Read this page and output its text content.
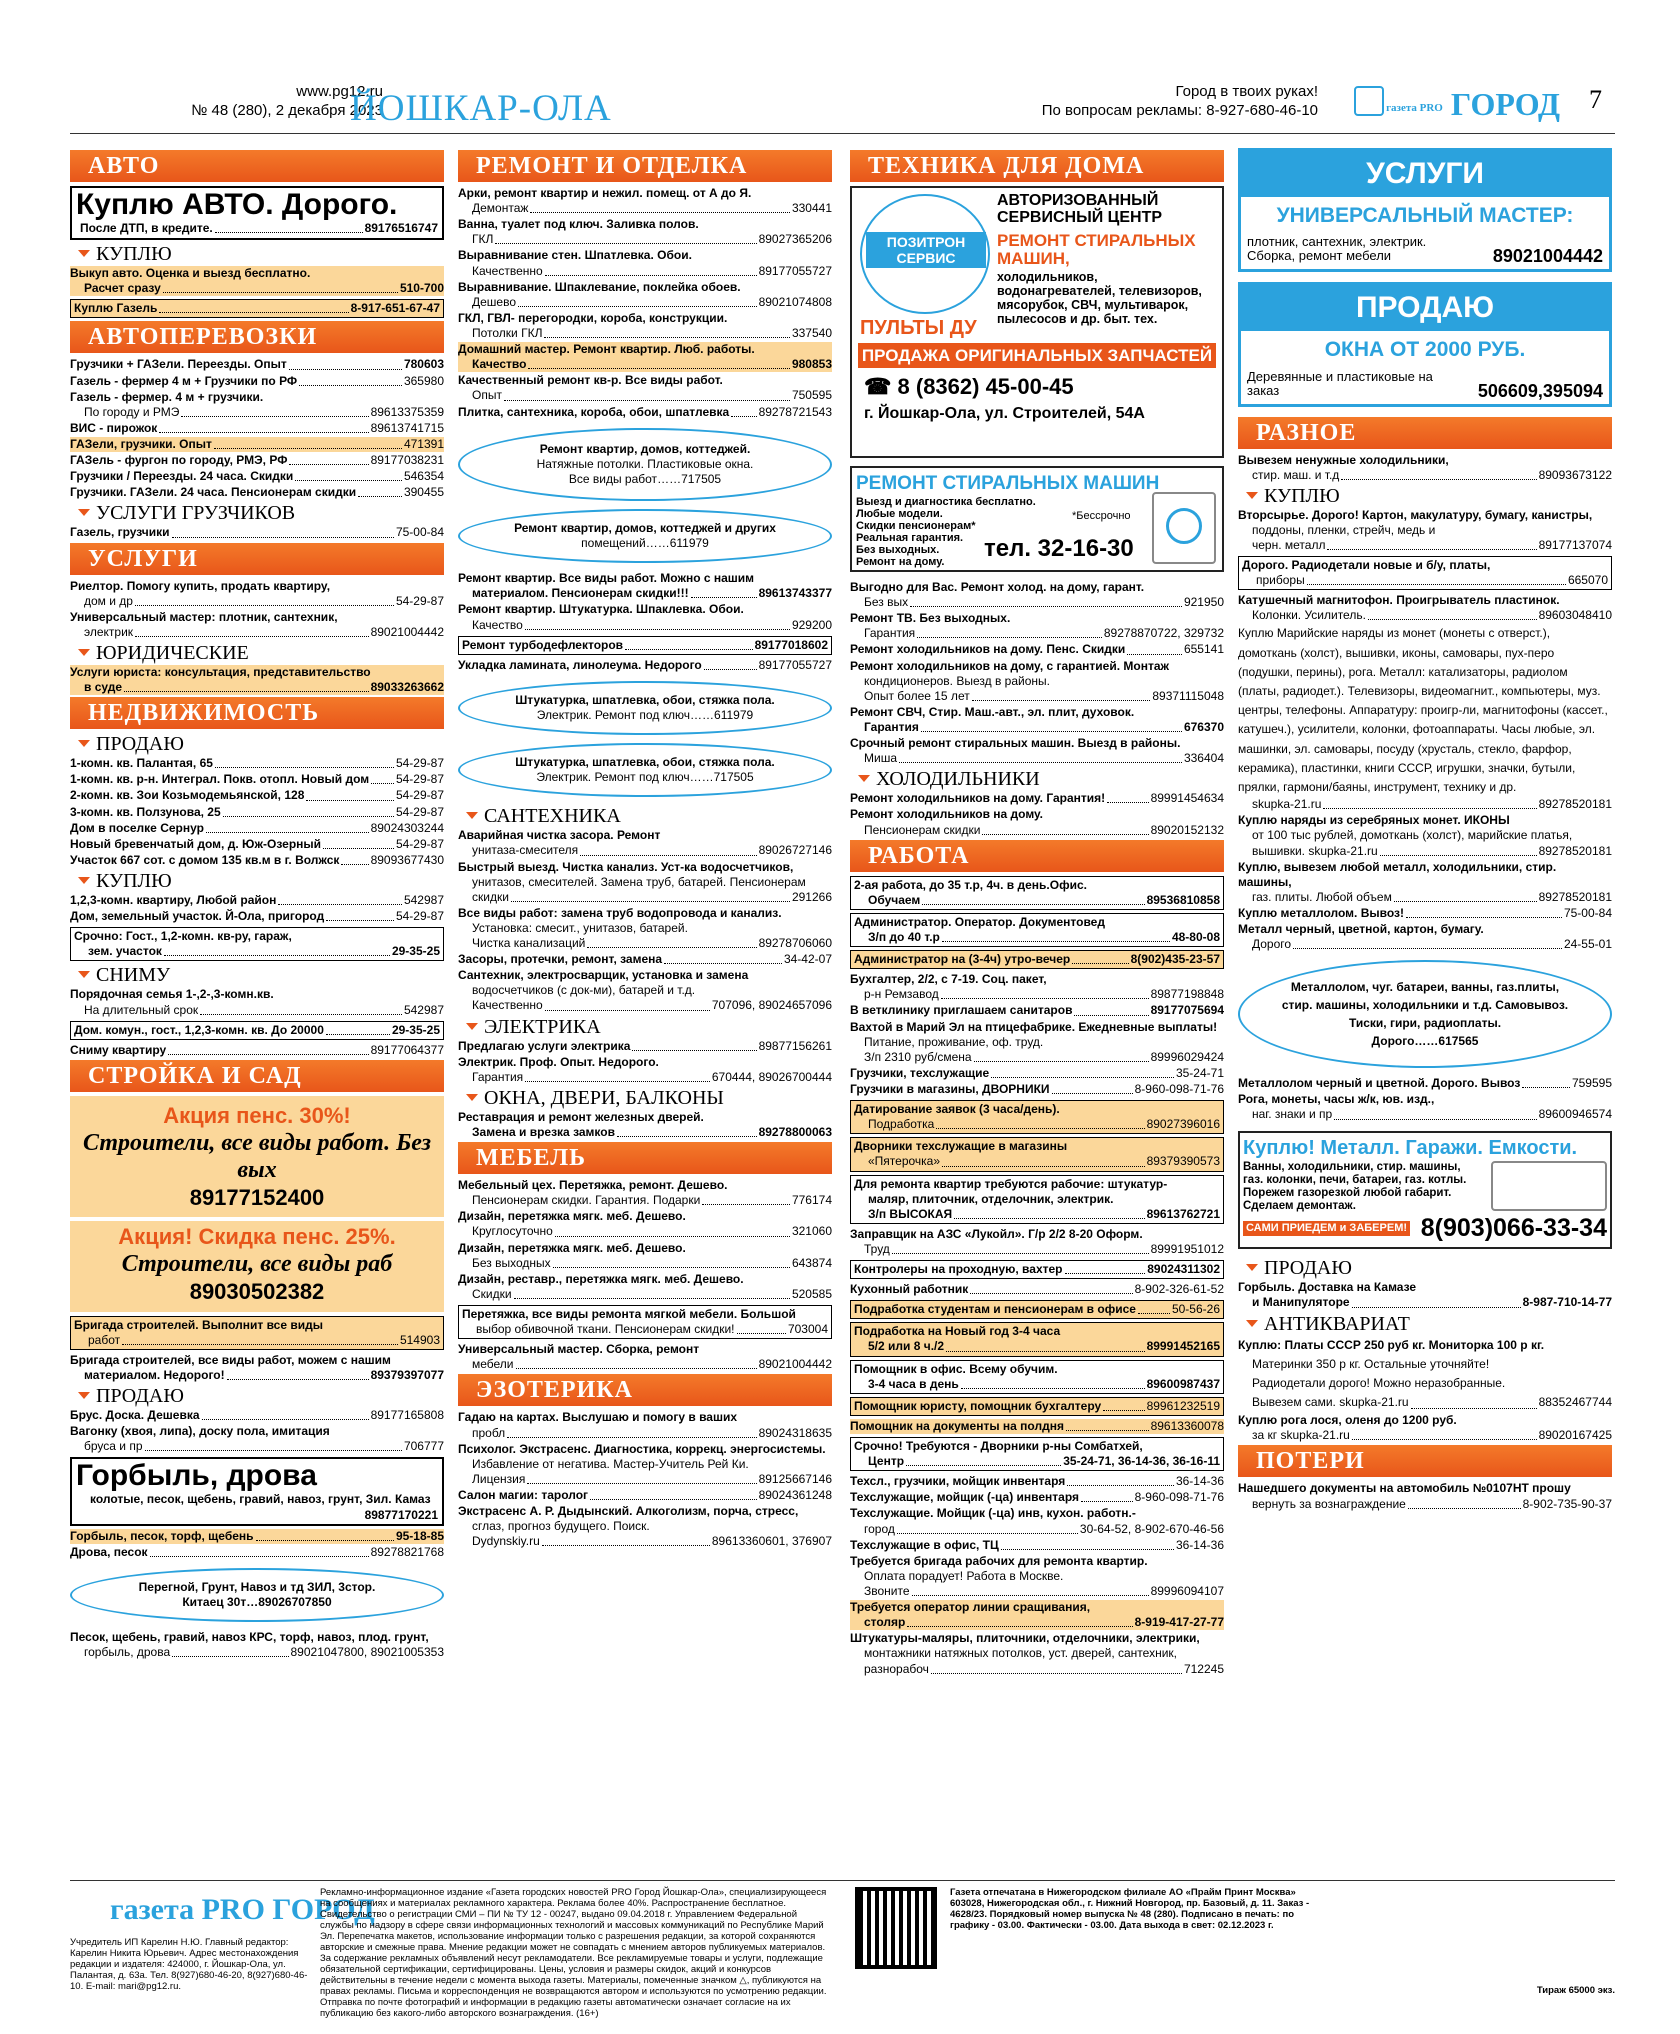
www.pg12.ru
№ 48 (280), 2 декабря 2023
ЙОШКАР-ОЛА	Город в твоих руках!
По вопросам рекламы: 8-927-680-46-10	газета PRO ГОРОД 7
АВТО
Куплю АВТО. Дорого.
После ДТП, в кредите.	89176516747
КУПЛЮ
Выкуп авто. Оценка и выезд бесплатно.
Расчет сразу	510-700
Куплю Газель	8-917-651-67-47
АВТОПЕРЕВОЗКИ
Грузчики + ГАЗели. Переезды. Опыт	780603
Газель - фермер 4 м + Грузчики по РФ	365980
Газель - фермер. 4 м + грузчики.
По городу и РМЭ	89613375359
ВИС - пирожок	89613741715
ГАЗели, грузчики. Опыт	471391
ГАЗель - фургон по городу, РМЭ, РФ	89177038231
Грузчики / Переезды. 24 часа. Скидки	546354
Грузчики. ГАЗели. 24 часа. Пенсионерам скидки	390455
УСЛУГИ ГРУЗЧИКОВ
Газель, грузчики	75-00-84
УСЛУГИ
Риелтор. Помогу купить, продать квартиру,
дом и др	54-29-87
Универсальный мастер: плотник, сантехник,
электрик	89021004442
ЮРИДИЧЕСКИЕ
Услуги юриста: консультация, представительство
в суде	89033263662
НЕДВИЖИМОСТЬ
ПРОДАЮ
1-комн. кв. Палантая, 65	54-29-87
1-комн. кв. р-н. Интеграл. Покв. отопл. Новый дом 54-29-87
2-комн. кв. Зои Козьмодемьянской, 128	54-29-87
3-комн. кв. Ползунова, 25	54-29-87
Дом в поселке Сернур	89024303244
Новый бревенчатый дом, д. Юж-Озерный	54-29-87
Участок 667 сот. с домом 135 кв.м в г. Волжск	89093677430
КУПЛЮ
1,2,3-комн. квартиру, Любой район	542987
Дом, земельный участок. Й-Ола, пригород	54-29-87
Срочно: Гост., 1,2-комн. кв-ру, гараж,
зем. участок	29-35-25
СНИМУ
Порядочная семья 1-,2-,3-комн.кв.
На длительный срок	542987
Дом. комун., гост., 1,2,3-комн. кв. До 20000	29-35-25
Сниму квартиру	89177064377
СТРОЙКА И САД
Акция пенс. 30%!
Строители, все виды работ. Без вых
89177152400
Акция! Скидка пенс. 25%.
Строители, все виды раб
89030502382
Бригада строителей. Выполнит все виды
работ	514903
Бригада строителей, все виды работ, можем с нашим
материалом. Недорого!	89379397077
ПРОДАЮ
Брус. Доска. Дешевка	89177165808
Вагонку (хвоя, липа), доску пола, имитация
бруса и пр	706777
Горбыль, дрова
колотые, песок, щебень, гравий, навоз, грунт, Зил. Камаз
89877170221
Горбыль, песок, торф, щебень	95-18-85
Дрова, песок	89278821768
Перегной, Грунт, Навоз и тд ЗИЛ, 3стор.
Китаец 30т…89026707850
Песок, щебень, гравий, навоз КРС, торф, навоз, плод. грунт,
горбыль, дрова	89021047800, 89021005353
РЕМОНТ И ОТДЕЛКА
Арки, ремонт квартир и нежил. помещ. от А до Я.
Демонтаж	330441
Ванна, туалет под ключ. Заливка полов.
ГКЛ	89027365206
Выравнивание стен. Шпатлевка. Обои.
Качественно	89177055727
Выравнивание. Шпаклевание, поклейка обоев.
Дешево	89021074808
ГКЛ, ГВЛ- перегородки, короба, конструкции.
Потолки ГКЛ	337540
Домашний мастер. Ремонт квартир. Люб. работы.
Качество	980853
Качественный ремонт кв-р. Все виды работ.
Опыт	750595
Плитка, сантехника, короба, обои, шпатлевка 89278721543
Ремонт квартир, домов, коттеджей.
Натяжные потолки. Пластиковые окна.
Все виды работ……717505
Ремонт квартир, домов, коттеджей и других
помещений……611979
Ремонт квартир. Все виды работ. Можно с нашим
материалом. Пенсионерам скидки!!!	89613743377
Ремонт квартир. Штукатурка. Шпаклевка. Обои.
Качество	929200
Ремонт турбодефлекторов	89177018602
Укладка ламината, линолеума. Недорого	89177055727
Штукатурка, шпатлевка, обои, стяжка пола.
Электрик. Ремонт под ключ……611979
Штукатурка, шпатлевка, обои, стяжка пола.
Электрик. Ремонт под ключ……717505
САНТЕХНИКА
Аварийная чистка засора. Ремонт
унитаза-смесителя	89026727146
Быстрый выезд. Чистка канализ. Уст-ка водосчетчиков,
унитазов, смесителей. Замена труб, батарей. Пенсионерам
скидки	291266
Все виды работ: замена труб водопровода и канализ.
Установка: смесит., унитазов, батарей.
Чистка канализаций	89278706060
Засоры, протечки, ремонт, замена	34-42-07
Сантехник, электросварщик, установка и замена
водосчетчиков (с док-ми), батарей и т.д.
Качественно	707096, 89024657096
ЭЛЕКТРИКА
Предлагаю услуги электрика	89877156261
Электрик. Проф. Опыт. Недорого.
Гарантия	670444, 89026700444
ОКНА, ДВЕРИ, БАЛКОНЫ
Реставрация и ремонт железных дверей.
Замена и врезка замков	89278800063
МЕБЕЛЬ
Мебельный цех. Перетяжка, ремонт. Дешево.
Пенсионерам скидки. Гарантия. Подарки	776174
Дизайн, перетяжка мягк. меб. Дешево.
Круглосуточно	321060
Дизайн, перетяжка мягк. меб. Дешево.
Без выходных	643874
Дизайн, реставр., перетяжка мягк. меб. Дешево.
Скидки	520585
Перетяжка, все виды ремонта мягкой мебели. Большой
выбор обивочной ткани. Пенсионерам скидки!	703004
Универсальный мастер. Сборка, ремонт
мебели	89021004442
ЭЗОТЕРИКА
Гадаю на картах. Выслушаю и помогу в ваших
пробл	89024318635
Психолог. Экстрасенс. Диагностика, коррекц. энергосистемы.
Избавление от негатива. Мастер-Учитель Рей Ки.
Лицензия	89125667146
Салон магии: таролог	89024361248
Экстрасенс А. Р. Дыдынский. Алкоголизм, порча, стресс,
сглаз, прогноз будущего. Поиск.
Dydynskiy.ru	89613360601, 376907
ТЕХНИКА ДЛЯ ДОМА
ПОЗИТРОН
СЕРВИС
АВТОРИЗОВАННЫЙ СЕРВИСНЫЙ ЦЕНТР
РЕМОНТ СТИРАЛЬНЫХ МАШИН,
холодильников, водонагревателей, телевизоров, мясорубок, СВЧ, мультиварок, пылесосов и др. быт. тех.
ПУЛЬТЫ ДУ
ПРОДАЖА ОРИГИНАЛЬНЫХ ЗАПЧАСТЕЙ
☎ 8 (8362) 45-00-45
г. Йошкар-Ола, ул. Строителей, 54А
РЕМОНТ СТИРАЛЬНЫХ МАШИН
Выезд и диагностика бесплатно.
Любые модели.
Скидки пенсионерам*
Реальная гарантия.
Без выходных.
Ремонт на дому.
*Бессрочно
тел. 32-16-30
Выгодно для Вас. Ремонт холод. на дому, гарант.
Без вых	921950
Ремонт ТВ. Без выходных.
Гарантия	89278870722, 329732
Ремонт холодильников на дому. Пенс. Скидки	655141
Ремонт холодильников на дому, с гарантией. Монтаж
кондиционеров. Выезд в районы.
Опыт более 15 лет	89371115048
Ремонт СВЧ, Стир. Маш.-авт., эл. плит, духовок.
Гарантия	676370
Срочный ремонт стиральных машин. Выезд в районы.
Миша	336404
ХОЛОДИЛЬНИКИ
Ремонт холодильников на дому. Гарантия!	89991454634
Ремонт холодильников на дому.
Пенсионерам скидки	89020152132
РАБОТА
2-ая работа, до 35 т.р, 4ч. в день.Офис.
Обучаем	89536810858
Администратор. Оператор. Документовед
З/п до 40 т.р	48-80-08
Администратор на (3-4ч) утро-вечер	8(902)435-23-57
Бухгалтер, 2/2, с 7-19. Соц. пакет,
р-н Ремзавод	89877198848
В ветклинику приглашаем санитаров	89177075694
Вахтой в Марий Эл на птицефабрике. Ежедневные выплаты!
Питание, проживание, оф. труд.
З/п 2310 руб/смена	89996029424
Грузчики, техслужащие	35-24-71
Грузчики в магазины, ДВОРНИКИ	8-960-098-71-76
Датирование заявок (3 часа/день).
Подработка	89027396016
Дворники техслужащие в магазины
«Пятерочка»	89379390573
Для ремонта квартир требуются рабочие: штукатур-
маляр, плиточник, отделочник, электрик.
З/п ВЫСОКАЯ	89613762721
Заправщик на АЗС «Лукойл». Г/р 2/2 8-20 Оформ.
Труд	89991951012
Контролеры на проходную, вахтер	89024311302
Кухонный работник	8-902-326-61-52
Подработка студентам и пенсионерам в офисе	50-56-26
Подработка на Новый год 3-4 часа
5/2 или 8 ч./2	89991452165
Помощник в офис. Всему обучим.
3-4 часа в день	89600987437
Помощник юристу, помощник бухгалтеру	89961232519
Помощник на документы на полдня	89613360078
Срочно! Требуются - Дворники р-ны Сомбатхей,
Центр	35-24-71, 36-14-36, 36-16-11
Техсл., грузчики, мойщик инвентаря	36-14-36
Техслужащие, мойщик (-ца) инвентаря	8-960-098-71-76
Техслужащие. Мойщик (-ца) инв, кухон. работн.-
город	30-64-52, 8-902-670-46-56
Техслужащие в офис, ТЦ	36-14-36
Требуется бригада рабочих для ремонта квартир.
Оплата порадует! Работа в Москве.
Звоните	89996094107
Требуется оператор линии сращивания,
столяр	8-919-417-27-77
Штукатуры-маляры, плиточники, отделочники, электрики,
монтажники натяжных потолков, уст. дверей, сантехник,
разнорабоч	712245
УСЛУГИ
УНИВЕРСАЛЬНЫЙ МАСТЕР:
плотник, сантехник, электрик. Сборка, ремонт мебели	89021004442
ПРОДАЮ
ОКНА ОТ 2000 РУБ.
Деревянные и пластиковые на заказ	506609,395094
РАЗНОЕ
Вывезем ненужные холодильники,
стир. маш. и т.д	89093673122
КУПЛЮ
Вторсырье. Дорого! Картон, макулатуру, бумагу, канистры,
поддоны, пленки, стрейч, медь и
черн. металл	89177137074
Дорого. Радиодетали новые и б/у, платы,
приборы	665070
Катушечный магнитофон. Проигрыватель пластинок.
Колонки. Усилитель.	89603048410
Куплю Марийские наряды из монет (монеты с отверст.), домоткань (холст), вышивки, иконы, самовары, пух-перо (подушки, перины), рога. Металл: катализаторы, радиолом (платы, радиодет.). Телевизоры, видеомагнит., компьютеры, муз. центры, телефоны. Аппаратуру: проигр-ли, магнитофоны (кассет., катушеч.), усилители, колонки, фотоаппараты. Часы любые, эл. машинки, эл. самовары, посуду (хрусталь, стекло, фарфор, керамика), пластинки, книги СССР, игрушки, значки, бутыли, прялки, гармони/баяны, инструмент, технику и др.
skupka-21.ru	89278520181
Куплю наряды из серебряных монет. ИКОНЫ
от 100 тыс рублей, домоткань (холст), марийские платья,
вышивки. skupka-21.ru	89278520181
Куплю, вывезем любой металл, холодильники, стир. машины,
газ. плиты. Любой объем	89278520181
Куплю металлолом. Вывоз!	75-00-84
Металл черный, цветной, картон, бумагу.
Дорого	24-55-01
Металлолом, чуг. батареи, ванны, газ.плиты, стир. машины, холодильники и т.д. Самовывоз. Тиски, гири, радиоплаты.
Дорого……617565
Металлолом черный и цветной. Дорого. Вывоз	759595
Рога, монеты, часы ж/к, юв. изд.,
наг. знаки и пр	89600946574
Куплю! Металл. Гаражи. Емкости.
Ванны, холодильники, стир. машины, газ. колонки, печи, батареи, газ. котлы. Порежем газорезкой любой габарит. Сделаем демонтаж.
САМИ ПРИЕДЕМ и ЗАБЕРЕМ! 8(903)066-33-34
ПРОДАЮ
Горбыль. Доставка на Камазе
и Манипуляторе	8-987-710-14-77
АНТИКВАРИАТ
Куплю: Платы СССР 250 руб кг. Мониторка 100 р кг.
Материнки 350 р кг. Остальные уточняйте!
Радиодетали дорого! Можно неразобранные.
Вывезем сами. skupka-21.ru	88352467744
Куплю рога лося, оленя до 1200 руб.
за кг skupka-21.ru	89020167425
ПОТЕРИ
Нашедшего документы на автомобиль №0107НТ прошу
вернуть за вознаграждение	8-902-735-90-37
газета PRO ГОРОД
Учредитель ИП Карелин Н.Ю. Главный редактор: Карелин Никита Юрьевич. Адрес местонахождения редакции и издателя: 424000, г. Йошкар-Ола, ул. Палантая, д. 63а. Тел. 8(927)680-46-20, 8(927)680-46-10. E-mail: mari@pg12.ru.
Рекламно-информационное издание «Газета городских новостей PRO Город Йошкар-Ола», специализирующееся на сообщениях и материалах рекламного характера. Реклама более 40%. Распространение бесплатное. Свидетельство о регистрации СМИ – ПИ № ТУ 12 - 00247, выдано 09.04.2018 г. Управлением Федеральной службы по надзору в сфере связи информационных технологий и массовых коммуникаций по Республике Марий Эл. Перепечатка макетов, использование информации только с разрешения редакции, за которой сохраняются авторские и смежные права. Мнение редакции может не совпадать с мнением авторов публикуемых материалов. За содержание рекламных объявлений несут рекламодатели. Все рекламируемые товары и услуги, подлежащие обязательной сертификации, сертифицированы. Цены, условия и размеры скидок, акций и конкурсов действительны в течение недели с момента выхода газеты. Материалы, помеченные значком △, публикуются на правах рекламы. Письма и корреспонденция не возвращаются автором и используются по усмотрению редакции. Отправка по почте фотографий и информации в редакцию газеты автоматически означает согласие на их публикацию без какого-либо авторского вознаграждения. (16+)
Газета отпечатана в Нижегородском филиале АО «Прайм Принт Москва» 603028, Нижегородская обл., г. Нижний Новгород, пр. Базовый, д. 11. Заказ - 4628/23. Порядковый номер выпуска № 48 (280). Подписано в печать: по графику - 03.00. Фактически - 03.00. Дата выхода в свет: 02.12.2023 г.
Тираж 65000 экз.
